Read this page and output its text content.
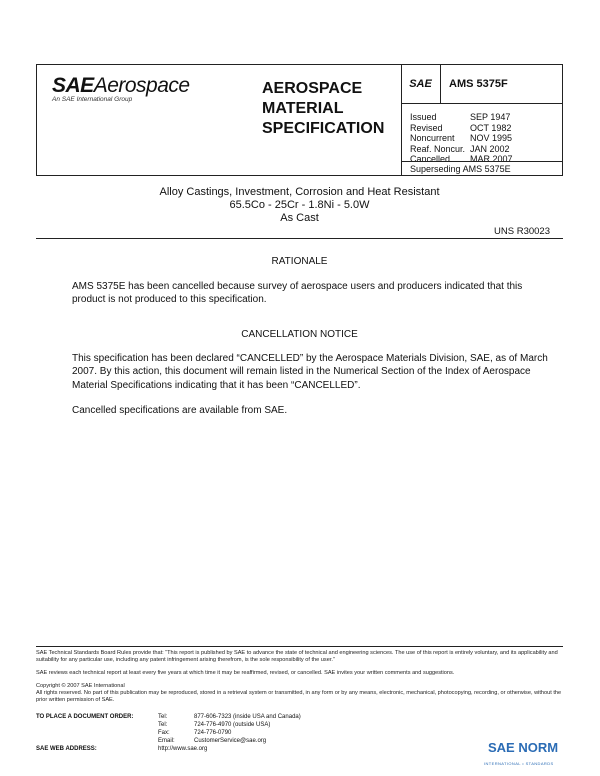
SAEAerospace
An SAE International Group
AEROSPACE
MATERIAL
SPECIFICATION
SAE	AMS 5375F
Issued	SEP 1947
Revised	OCT 1982
Noncurrent	NOV 1995
Reaf. Noncur. JAN 2002
Cancelled	MAR 2007
Superseding AMS 5375E
Alloy Castings, Investment, Corrosion and Heat Resistant
65.5Co - 25Cr - 1.8Ni - 5.0W
As Cast
UNS R30023
RATIONALE
AMS 5375E has been cancelled because survey of aerospace users and producers indicated that this product is not produced to this specification.
CANCELLATION NOTICE
This specification has been declared “CANCELLED” by the Aerospace Materials Division, SAE, as of March 2007. By this action, this document will remain listed in the Numerical Section of the Index of Aerospace Material Specifications indicating that it has been “CANCELLED”.
Cancelled specifications are available from SAE.
SAE Technical Standards Board Rules provide that: “This report is published by SAE to advance the state of technical and engineering sciences. The use of this report is entirely voluntary, and its applicability and suitability for any particular use, including any patent infringement arising therefrom, is the sole responsibility of the user.”
SAE reviews each technical report at least every five years at which time it may be reaffirmed, revised, or cancelled. SAE invites your written comments and suggestions.
Copyright © 2007 SAE International
All rights reserved. No part of this publication may be reproduced, stored in a retrieval system or transmitted, in any form or by any means, electronic, mechanical, photocopying, recording, or otherwise, without the prior written permission of SAE.
TO PLACE A DOCUMENT ORDER:	Tel:	877-606-7323 (inside USA and Canada)
Tel:	724-776-4970 (outside USA)
Fax:	724-776-0790
Email:	CustomerService@sae.org
SAE WEB ADDRESS:	http://www.sae.org	SAE NORM
INTERNATIONAL • STANDARDS
